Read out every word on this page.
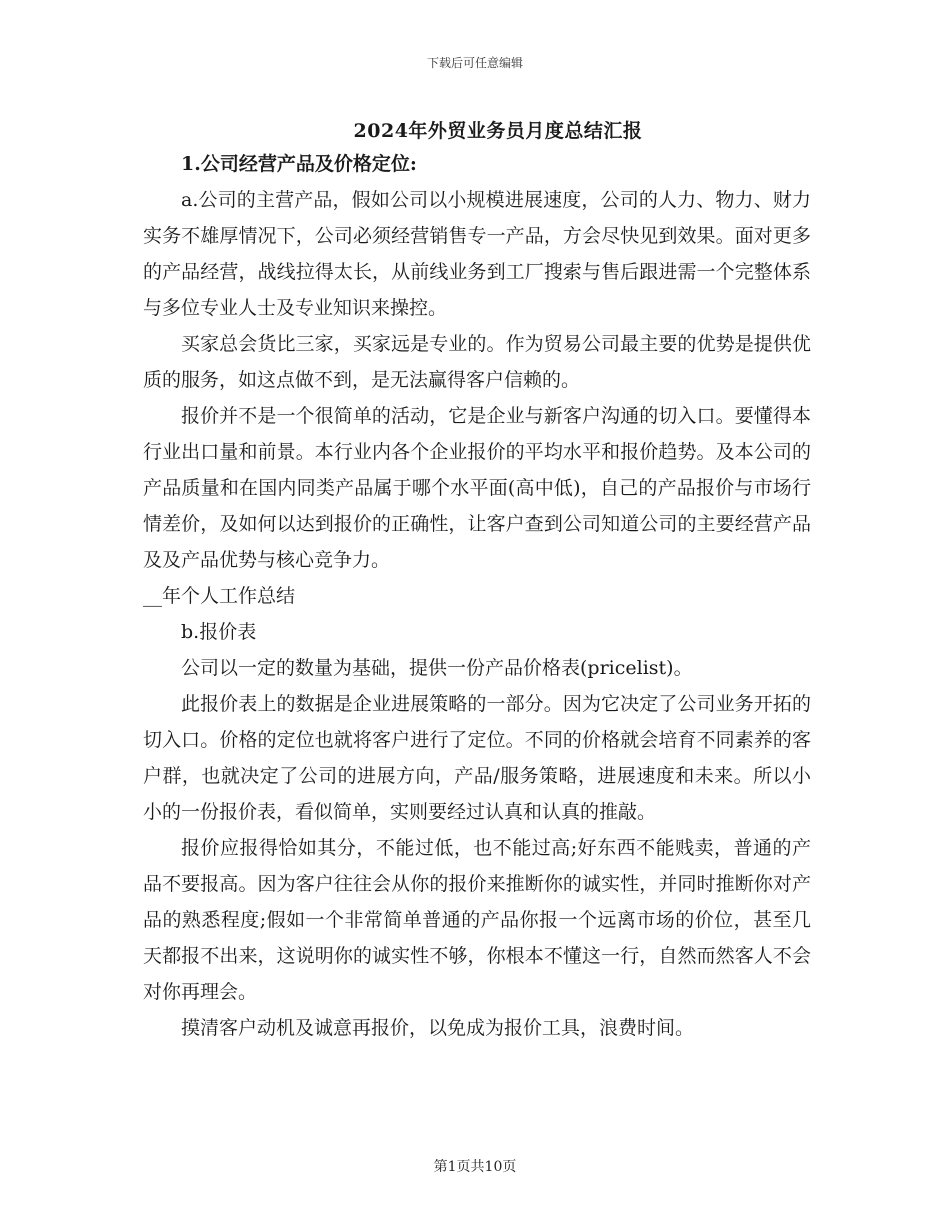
下载后可任意编辑
2024年外贸业务员月度总结汇报

1.公司经营产品及价格定位:

a.公司的主营产品，假如公司以小规模进展速度，公司的人力、物力、财力实务不雄厚情况下，公司必须经营销售专一产品，方会尽快见到效果。面对更多的产品经营，战线拉得太长，从前线业务到工厂搜索与售后跟进需一个完整体系与多位专业人士及专业知识来操控。

买家总会货比三家，买家远是专业的。作为贸易公司最主要的优势是提供优质的服务，如这点做不到，是无法赢得客户信赖的。

报价并不是一个很简单的活动，它是企业与新客户沟通的切入口。要懂得本行业出口量和前景。本行业内各个企业报价的平均水平和报价趋势。及本公司的产品质量和在国内同类产品属于哪个水平面(高中低)，自己的产品报价与市场行情差价，及如何以达到报价的正确性，让客户查到公司知道公司的主要经营产品及及产品优势与核心竞争力。

__年个人工作总结

b.报价表

公司以一定的数量为基础，提供一份产品价格表(pricelist)。

此报价表上的数据是企业进展策略的一部分。因为它决定了公司业务开拓的切入口。价格的定位也就将客户进行了定位。不同的价格就会培育不同素养的客户群，也就决定了公司的进展方向，产品/服务策略，进展速度和未来。所以小小的一份报价表，看似简单，实则要经过认真和认真的推敲。

报价应报得恰如其分，不能过低，也不能过高;好东西不能贱卖，普通的产品不要报高。因为客户往往会从你的报价来推断你的诚实性，并同时推断你对产品的熟悉程度;假如一个非常简单普通的产品你报一个远离市场的价位，甚至几天都报不出来，这说明你的诚实性不够，你根本不懂这一行，自然而然客人不会对你再理会。

摸清客户动机及诚意再报价，以免成为报价工具，浪费时间。

第1页共10页
